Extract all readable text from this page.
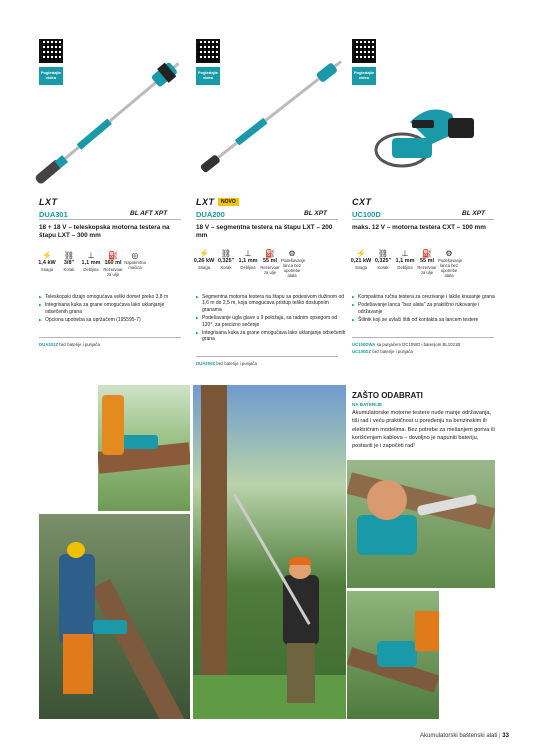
Pogledajte video
LXT
DUA301	BL AFT XPT
18 + 18 V – teleskopska motorna testera na štapu LXT – 300 mm
⚡
1,4 kW
Snaga
⛓
3/8"
Korak
⊥
1,1 mm
Debljina
⛽
160 ml
Rezervoar za ulje
◎
Napokretna mačica
▶ Teleskopski dizajn omogućava veliki domet preko 3,8 m
▶ Integrisana kuka za grane omogućava lako uklanjanje odsečenih grana
▶ Opciona upotreba sa upržačem (195595-7)
DUA301Z bez baterije i punjača
Pogledajte video
LXT	NOVO
DUA200	BL XPT
18 V – segmentna testera na štapu LXT – 200 mm
⚡
0,26 kW
Snaga
⛓
0,325"
Korak
⊥
1,1 mm
Debljina
⛽
55 ml
Rezervoar za ulje
⚙
Podešavanje lanca bez upotrebe alata
▶ Segmentna motorna testera na štapu sa podesivom dužinom od 1,6 m do 2,5 m, koja omogućava pristup teško dostupnim granama
▶ Podešavanje ugla glave u 9 položaja, sa radnim opsegom od 120°, za precizno sečenje
▶ Integrisana kuka za grane omogućava lako uklanjanje odsečenih grana
DUA200Z bez baterije i punjača
Pogledajte video
CXT
UC100D	BL XPT
maks. 12 V – motorna testera CXT – 100 mm
⚡
0,21 kW
Snaga
⛓
0,325"
Korak
⊥
1,1 mm
Debljina
⛽
55 ml
Rezervoar za ulje
⚙
Podešavanje lanca bez upotrebe alata
▶ Kompaktna ručna testera za orezivanje i lakše krasanje grana
▶ Podešavanje lanca "bez alata" za praktično rukovanje i održavanje
▶ Štitnik koji se uvlači štiti od kontakta sa lancem testere
UC100DWA sa punjačem DC10WD i baterijom BL1021B
UC100DZ bez baterije i punjača
ZAŠTO ODABRATI
NA BATERIJE
Akumulatorske motorne testere nude manje održavanja, tiši rad i veću praktičnost u poređenju sa benzinskim ili električnim modelima. Bez potrebe za mešanjem goriva ili korišćenjem kablova – dovoljno je napuniti bateriju, postaviti je i započeti rad!
Akumulatorski baštenski alati | 33
